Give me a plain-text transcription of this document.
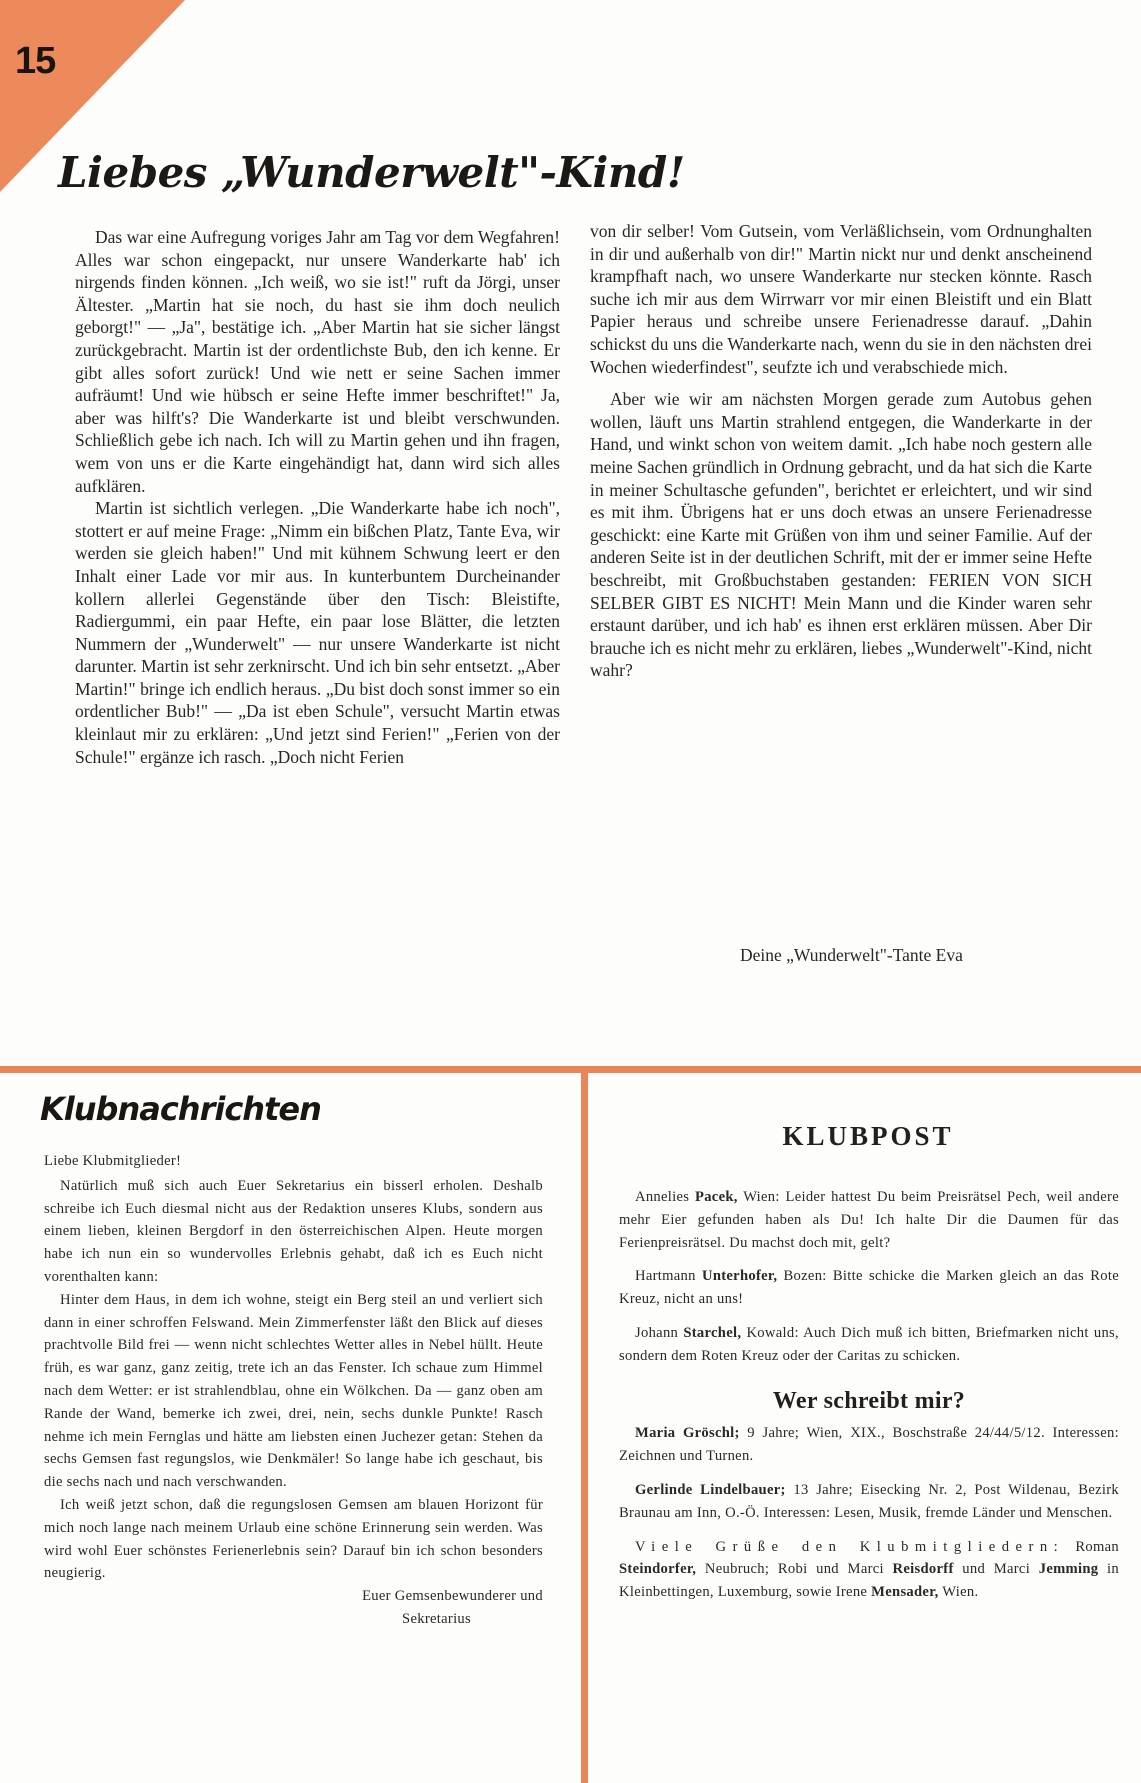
15
Liebes „Wunderwelt"-Kind!

Das war eine Aufregung voriges Jahr am Tag vor dem Wegfahren! Alles war schon eingepackt, nur unsere Wanderkarte hab' ich nirgends finden können. „Ich weiß, wo sie ist!" ruft da Jörgi, unser Ältester. „Martin hat sie noch, du hast sie ihm doch neulich geborgt!" — „Ja", bestätige ich. „Aber Martin hat sie sicher längst zurückgebracht. Martin ist der ordentlichste Bub, den ich kenne. Er gibt alles sofort zurück! Und wie nett er seine Sachen immer aufräumt! Und wie hübsch er seine Hefte immer beschriftet!" Ja, aber was hilft's? Die Wanderkarte ist und bleibt verschwunden. Schließlich gebe ich nach. Ich will zu Martin gehen und ihn fragen, wem von uns er die Karte eingehändigt hat, dann wird sich alles aufklären.

Martin ist sichtlich verlegen. „Die Wanderkarte habe ich noch", stottert er auf meine Frage: „Nimm ein bißchen Platz, Tante Eva, wir werden sie gleich haben!" Und mit kühnem Schwung leert er den Inhalt einer Lade vor mir aus. In kunterbuntem Durcheinander kollern allerlei Gegenstände über den Tisch: Bleistifte, Radiergummi, ein paar Hefte, ein paar lose Blätter, die letzten Nummern der „Wunderwelt" — nur unsere Wanderkarte ist nicht darunter. Martin ist sehr zerknirscht. Und ich bin sehr entsetzt. „Aber Martin!" bringe ich endlich heraus. „Du bist doch sonst immer so ein ordentlicher Bub!" — „Da ist eben Schule", versucht Martin etwas kleinlaut mir zu erklären: „Und jetzt sind Ferien!" „Ferien von der Schule!" ergänze ich rasch. „Doch nicht Ferien

von dir selber! Vom Gutsein, vom Verläßlichsein, vom Ordnunghalten in dir und außerhalb von dir!" Martin nickt nur und denkt anscheinend krampfhaft nach, wo unsere Wanderkarte nur stecken könnte. Rasch suche ich mir aus dem Wirrwarr vor mir einen Bleistift und ein Blatt Papier heraus und schreibe unsere Ferienadresse darauf. „Dahin schickst du uns die Wanderkarte nach, wenn du sie in den nächsten drei Wochen wiederfindest", seufzte ich und verabschiede mich.

Aber wie wir am nächsten Morgen gerade zum Autobus gehen wollen, läuft uns Martin strahlend entgegen, die Wanderkarte in der Hand, und winkt schon von weitem damit. „Ich habe noch gestern alle meine Sachen gründlich in Ordnung gebracht, und da hat sich die Karte in meiner Schultasche gefunden", berichtet er erleichtert, und wir sind es mit ihm. Übrigens hat er uns doch etwas an unsere Ferienadresse geschickt: eine Karte mit Grüßen von ihm und seiner Familie. Auf der anderen Seite ist in der deutlichen Schrift, mit der er immer seine Hefte beschreibt, mit Großbuchstaben gestanden: FERIEN VON SICH SELBER GIBT ES NICHT! Mein Mann und die Kinder waren sehr erstaunt darüber, und ich hab' es ihnen erst erklären müssen. Aber Dir brauche ich es nicht mehr zu erklären, liebes „Wunderwelt"-Kind, nicht wahr?

Deine „Wunderwelt"-Tante Eva
Klubnachrichten

Liebe Klubmitglieder!

Natürlich muß sich auch Euer Sekretarius ein bisserl erholen. Deshalb schreibe ich Euch diesmal nicht aus der Redaktion unseres Klubs, sondern aus einem lieben, kleinen Bergdorf in den österreichischen Alpen. Heute morgen habe ich nun ein so wundervolles Erlebnis gehabt, daß ich es Euch nicht vorenthalten kann:

Hinter dem Haus, in dem ich wohne, steigt ein Berg steil an und verliert sich dann in einer schroffen Felswand. Mein Zimmerfenster läßt den Blick auf dieses prachtvolle Bild frei — wenn nicht schlechtes Wetter alles in Nebel hüllt. Heute früh, es war ganz, ganz zeitig, trete ich an das Fenster. Ich schaue zum Himmel nach dem Wetter: er ist strahlendblau, ohne ein Wölkchen. Da — ganz oben am Rande der Wand, bemerke ich zwei, drei, nein, sechs dunkle Punkte! Rasch nehme ich mein Fernglas und hätte am liebsten einen Juchezer getan: Stehen da sechs Gemsen fast regungslos, wie Denkmäler! So lange habe ich geschaut, bis die sechs nach und nach verschwanden.

Ich weiß jetzt schon, daß die regungslosen Gemsen am blauen Horizont für mich noch lange nach meinem Urlaub eine schöne Erinnerung sein werden. Was wird wohl Euer schönstes Ferienerlebnis sein? Darauf bin ich schon besonders neugierig.

Euer Gemsenbewunderer und

Sekretarius

KLUBPOST

Annelies Pacek, Wien: Leider hattest Du beim Preisrätsel Pech, weil andere mehr Eier gefunden haben als Du! Ich halte Dir die Daumen für das Ferienpreisrätsel. Du machst doch mit, gelt?

Hartmann Unterhofer, Bozen: Bitte schicke die Marken gleich an das Rote Kreuz, nicht an uns!

Johann Starchel, Kowald: Auch Dich muß ich bitten, Briefmarken nicht uns, sondern dem Roten Kreuz oder der Caritas zu schicken.

Wer schreibt mir?

Maria Gröschl; 9 Jahre; Wien, XIX., Boschstraße 24/44/5/12. Interessen: Zeichnen und Turnen.

Gerlinde Lindelbauer; 13 Jahre; Eisecking Nr. 2, Post Wildenau, Bezirk Braunau am Inn, O.-Ö. Interessen: Lesen, Musik, fremde Länder und Menschen.

Viele Grüße den Klubmitgliedern: Roman Steindorfer, Neubruch; Robi und Marci Reisdorff und Marci Jemming in Kleinbettingen, Luxemburg, sowie Irene Mensader, Wien.
